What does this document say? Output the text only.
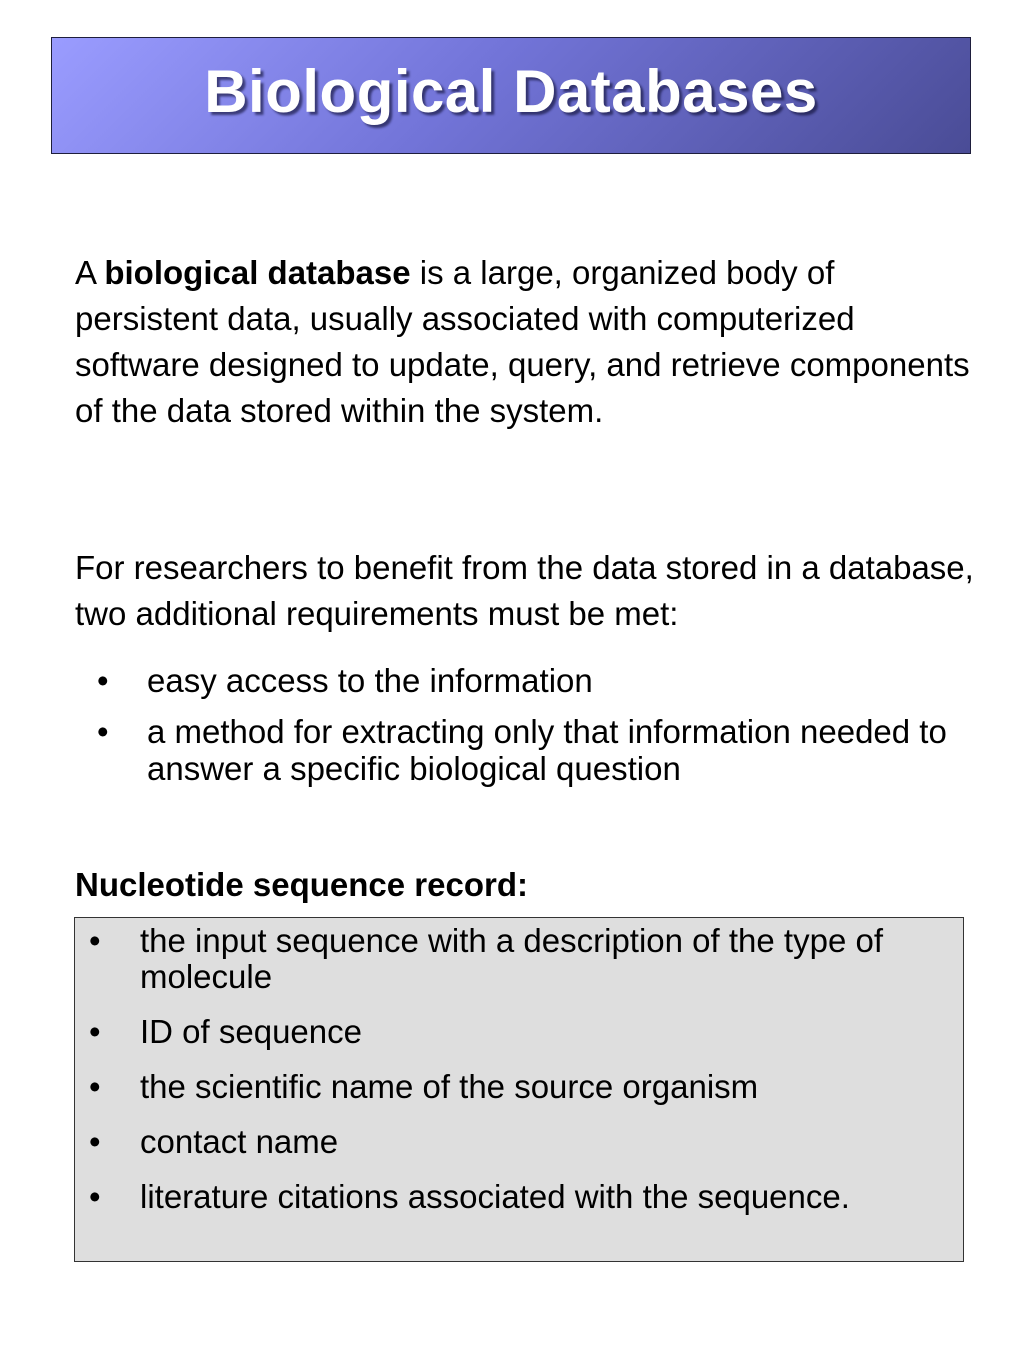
Biological Databases

A biological database is a large, organized body of persistent data, usually associated with computerized software designed to update, query, and retrieve components of the data stored within the system.

For researchers to benefit from the data stored in a database, two additional requirements must be met:

• easy access to the information
• a method for extracting only that information needed to answer a specific biological question

Nucleotide sequence record:

• the input sequence with a description of the type of molecule
• ID of sequence
• the scientific name of the source organism
• contact name
• literature citations associated with the sequence.
